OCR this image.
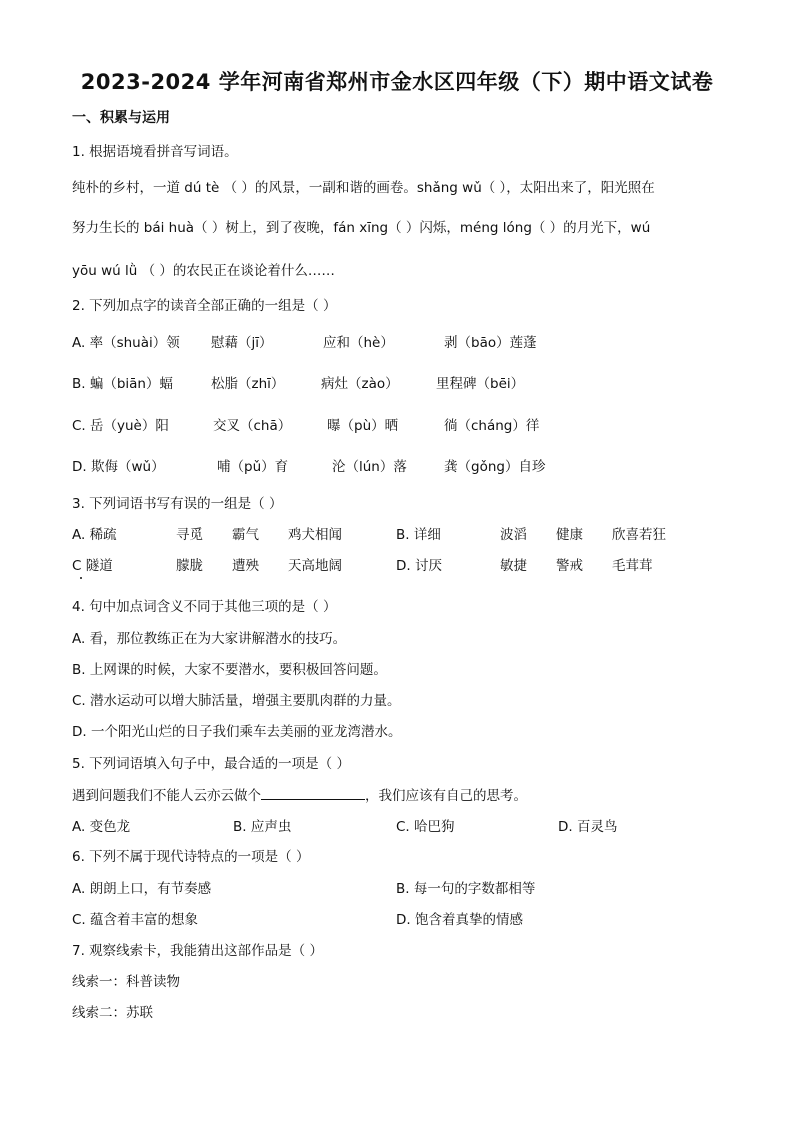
2023-2024 学年河南省郑州市金水区四年级（下）期中语文试卷
一、积累与运用
1. 根据语境看拼音写词语。
纯朴的乡村，一道 dú tè （ ）的风景，一副和谐的画卷。shǎng wǔ（ ），太阳出来了，阳光照在
努力生长的 bái huà（ ）树上，到了夜晚，fán xīng（ ）闪烁，méng lóng（ ）的月光下，wú
yōu wú lǜ （ ）的农民正在谈论着什么……
2. 下列加点字的读音全部正确的一组是（ ）
A. 率（shuài）领 慰藉（jī）	应和（hè）	剥（bāo）莲蓬
B. 蝙（biān）蝠	松脂（zhī）	病灶（zào）	里程碑（bēi）
C. 岳（yuè）阳	交叉（chā）	曝（pù）晒	徜（cháng）徉
D. 欺侮（wǔ）	哺（pǔ）育	沦（lún）落	龚（gǒng）自珍
3. 下列词语书写有误的一组是（ ）
A. 稀疏	寻觅 霸气 鸡犬相闻	B. 详细	波滔 健康 欣喜若狂
C 隧道	朦胧 遭殃 天高地阔	D. 讨厌	敏捷 警戒 毛茸茸
4. 句中加点词含义不同于其他三项的是（ ）
A. 看，那位教练正在为大家讲解潜水的技巧。
B. 上网课的时候，大家不要潜水，要积极回答问题。
C. 潜水运动可以增大肺活量，增强主要肌肉群的力量。
D. 一个阳光山烂的日子我们乘车去美丽的亚龙湾潜水。
5. 下列词语填入句子中，最合适的一项是（ ）
遇到问题我们不能人云亦云做个	，我们应该有自己的思考。
A. 变色龙	B. 应声虫	C. 哈巴狗	D. 百灵鸟
6. 下列不属于现代诗特点的一项是（ ）
A. 朗朗上口，有节奏感	B. 每一句的字数都相等
C. 蕴含着丰富的想象	D. 饱含着真挚的情感
7. 观察线索卡，我能猜出这部作品是（ ）
线索一：科普读物
线索二：苏联
